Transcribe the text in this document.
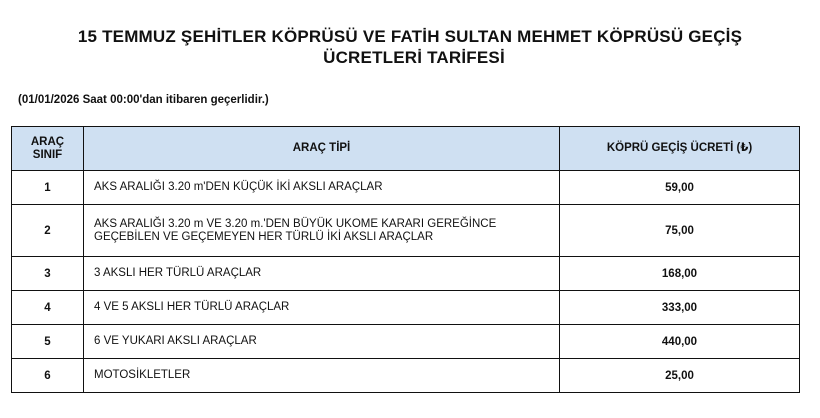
15 TEMMUZ ŞEHİTLER KÖPRÜSÜ VE FATİH SULTAN MEHMET KÖPRÜSÜ GEÇİŞ
ÜCRETLERİ TARİFESİ
(01/01/2026 Saat 00:00'dan itibaren geçerlidir.)
ARAÇ
SINIF	ARAÇ TİPİ	KÖPRÜ GEÇİŞ ÜCRETİ (₺)
1	AKS ARALIĞI 3.20 m'DEN KÜÇÜK İKİ AKSLI ARAÇLAR	59,00
2	AKS ARALIĞI 3.20 m VE 3.20 m.'DEN BÜYÜK UKOME KARARI GEREĞİNCE GEÇEBİLEN VE GEÇEMEYEN HER TÜRLÜ İKİ AKSLI ARAÇLAR	75,00
3	3 AKSLI HER TÜRLÜ ARAÇLAR	168,00
4	4 VE 5 AKSLI HER TÜRLÜ ARAÇLAR	333,00
5	6 VE YUKARI AKSLI ARAÇLAR	440,00
6	MOTOSİKLETLER	25,00
